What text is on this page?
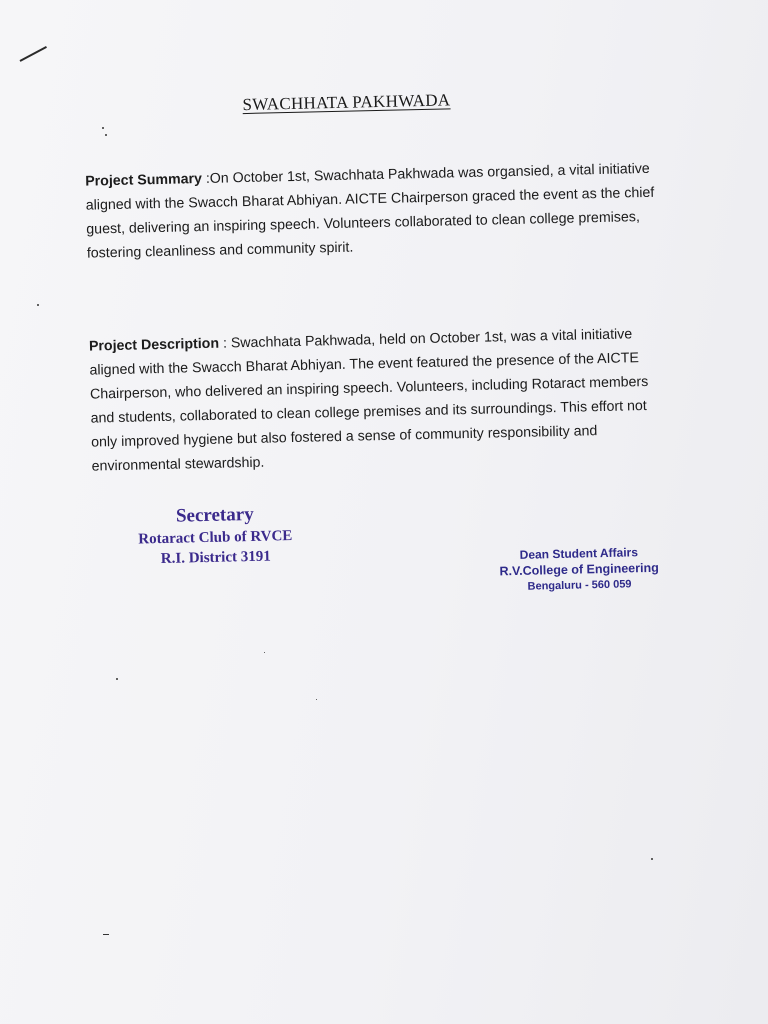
SWACHHATA PAKHWADA

Project Summary :On October 1st, Swachhata Pakhwada was organsied, a vital initiative aligned with the Swacch Bharat Abhiyan. AICTE Chairperson graced the event as the chief guest, delivering an inspiring speech. Volunteers collaborated to clean college premises, fostering cleanliness and community spirit.

Project Description : Swachhata Pakhwada, held on October 1st, was a vital initiative aligned with the Swacch Bharat Abhiyan. The event featured the presence of the AICTE Chairperson, who delivered an inspiring speech. Volunteers, including Rotaract members and students, collaborated to clean college premises and its surroundings. This effort not only improved hygiene but also fostered a sense of community responsibility and environmental stewardship.

Secretary
Rotaract Club of RVCE
R.I. District 3191	Dean Student Affairs
R.V.College of Engineering
Bengaluru - 560 059
